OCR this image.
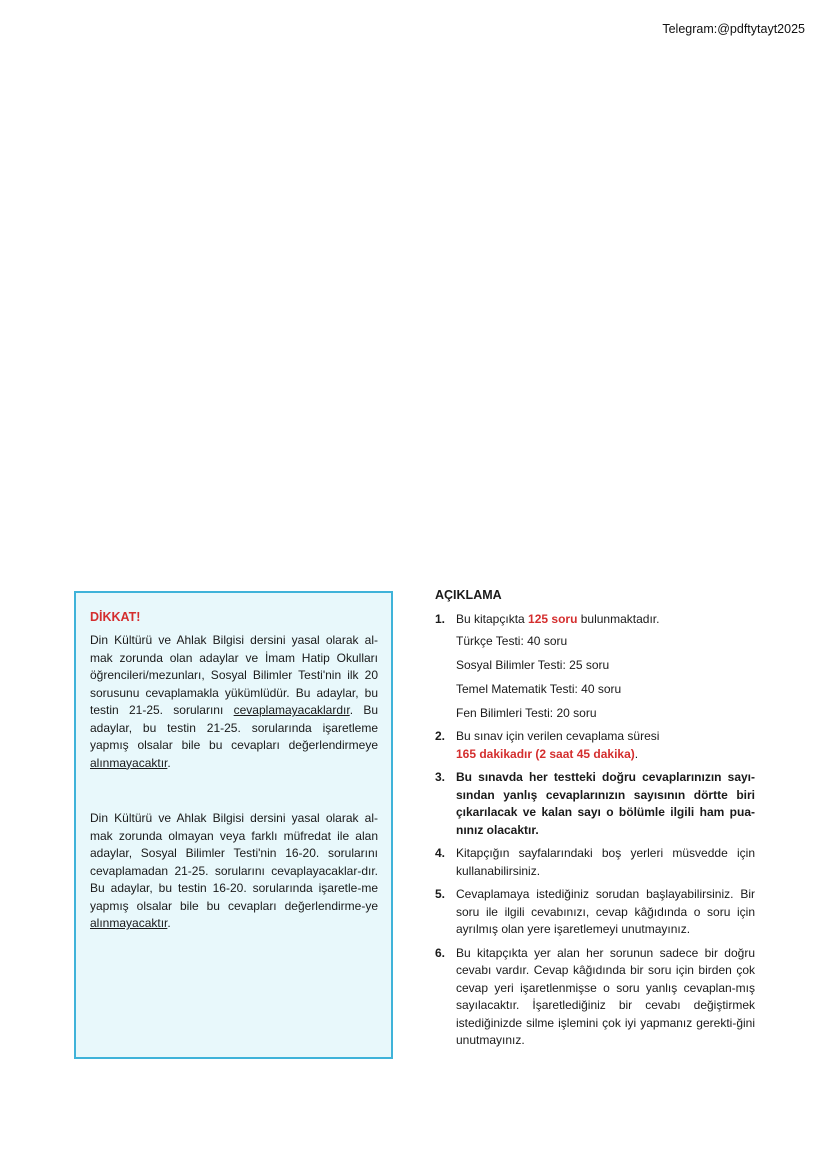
Telegram:@pdftytayt2025
DİKKAT!

Din Kültürü ve Ahlak Bilgisi dersini yasal olarak al-mak zorunda olan adaylar ve İmam Hatip Okulları öğrencileri/mezunları, Sosyal Bilimler Testi'nin ilk 20 sorusunu cevaplamakla yükümlüdür. Bu adaylar, bu testin 21-25. sorularını cevaplamayacaklardır. Bu adaylar, bu testin 21-25. sorularında işaretleme yapmış olsalar bile bu cevapları değerlendirmeye alınmayacaktır.

Din Kültürü ve Ahlak Bilgisi dersini yasal olarak al-mak zorunda olmayan veya farklı müfredat ile alan adaylar, Sosyal Bilimler Testi'nin 16-20. sorularını cevaplamadan 21-25. sorularını cevaplayacaklar-dır. Bu adaylar, bu testin 16-20. sorularında işaretle-me yapmış olsalar bile bu cevapları değerlendirme-ye alınmayacaktır.

AÇIKLAMA
1. Bu kitapçıkta 125 soru bulunmaktadır.
Türkçe Testi: 40 soru
Sosyal Bilimler Testi: 25 soru
Temel Matematik Testi: 40 soru
Fen Bilimleri Testi: 20 soru
2. Bu sınav için verilen cevaplama süresi
165 dakikadır (2 saat 45 dakika).
3. Bu sınavda her testteki doğru cevaplarınızın sayı-sından yanlış cevaplarınızın sayısının dörtte biri çıkarılacak ve kalan sayı o bölümle ilgili ham pua-nınız olacaktır.
4. Kitapçığın sayfalarındaki boş yerleri müsvedde için kullanabilirsiniz.
5. Cevaplamaya istediğiniz sorudan başlayabilirsiniz. Bir soru ile ilgili cevabınızı, cevap kâğıdında o soru için ayrılmış olan yere işaretlemeyi unutmayınız.
6. Bu kitapçıkta yer alan her sorunun sadece bir doğru cevabı vardır. Cevap kâğıdında bir soru için birden çok cevap yeri işaretlenmişse o soru yanlış cevaplan-mış sayılacaktır. İşaretlediğiniz bir cevabı değiştirmek istediğinizde silme işlemini çok iyi yapmanız gerekti-ğini unutmayınız.
